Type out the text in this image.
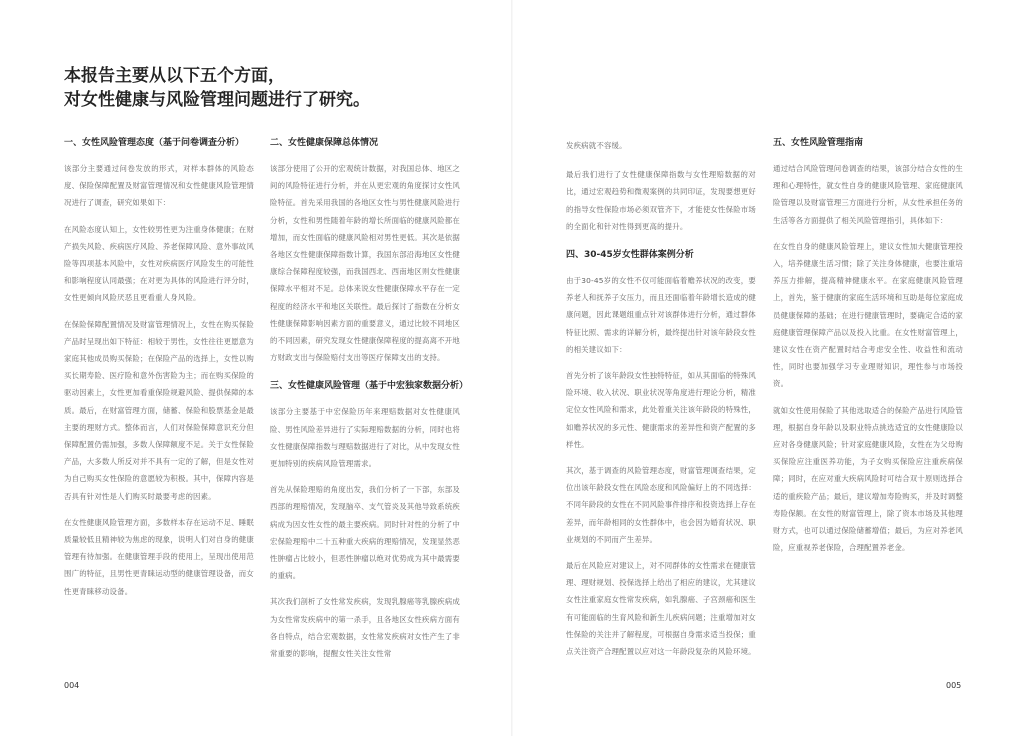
本报告主要从以下五个方面，
对女性健康与风险管理问题进行了研究。
一、女性风险管理态度（基于问卷调查分析）

该部分主要通过问卷发放的形式，对样本群体的风险态度、保险保障配置及财富管理情况和女性健康风险管理情况进行了调查，研究如果如下：

在风险态度认知上，女性较男性更为注重身体健康；在财产损失风险、疾病医疗风险、养老保障风险、意外事故风险等四项基本风险中，女性对疾病医疗风险发生的可能性和影响程度认同最强；在对更为具体的风险进行评分时，女性更倾向风险厌恶且更看重人身风险。

在保险保障配置情况及财富管理情况上，女性在购买保险产品时呈现出如下特征：相较于男性，女性往往更愿意为家庭其他成员购买保险；在保险产品的选择上，女性以购买长期寿险、医疗险和意外伤害险为主；而在购买保险的驱动因素上，女性更加看重保险规避风险、提供保障的本质。最后，在财富管理方面，储蓄、保险和股票基金是最主要的理财方式。整体而言，人们对保险保障意识充分但保障配置仍需加强，多数人保障额度不足。关于女性保险产品，大多数人所反对并不具有一定的了解，但是女性对为自己购买女性保险的意愿较为积极。其中，保障内容是否具有针对性是人们购买时最要考虑的因素。

在女性健康风险管理方面，多数样本存在运动不足、睡眠质量较低且精神较为焦虑的现象，说明人们对自身的健康管理有待加强。在健康管理手段的使用上，呈现出使用范围广的特征，且男性更青睐运动型的健康管理设备，而女性更青睐移动设备。

二、女性健康保障总体情况

该部分使用了公开的宏观统计数据，对我国总体、地区之间的风险特征进行分析，并在从更宏观的角度探讨女性风险特征。首先采用我国的各地区女性与男性健康风险进行分析，女性和男性随着年龄的增长所面临的健康风险都在增加，而女性面临的健康风险相对男性更低。其次是依据各地区女性健康保障指数计算，我国东部沿海地区女性健康综合保障程度较强，而我国西北、西南地区则女性健康保障水平相对不足。总体来说女性健康保障水平存在一定程度的经济水平和地区关联性。最后探讨了指数在分析女性健康保障影响因素方面的重要意义，通过比较不同地区的不同因素，研究发现女性健康保障程度的提高离不开地方财政支出与保险赔付支出等医疗保障支出的支持。

三、女性健康风险管理（基于中宏独家数据分析）

该部分主要基于中宏保险历年来理赔数据对女性健康风险、男性风险差异进行了实际理赔数据的分析，同时也将女性健康保障指数与理赔数据进行了对比，从中发现女性更加特别的疾病风险管理需求。

首先从保险理赔的角度出发，我们分析了一下部，东部及西部的理赔情况，发现脑卒、支气管炎及其他导致系统疾病成为因女性女性的最主要疾病。同时针对性的分析了中宏保险理赔中二十五种重大疾病的理赔情况，发现显然恶性肿瘤占比较小，但恶性肿瘤以绝对优势成为其中最需要的重病。

其次我们剖析了女性常发疾病，发现乳腺癌等乳腺疾病成为女性常发疾病中的第一杀手，且各地区女性疾病方面有各自特点，结合宏观数据，女性常发疾病对女性产生了非常重要的影响，提醒女性关注女性常

发疾病就不容缓。

最后我们进行了女性健康保障指数与女性理赔数据的对比，通过宏观趋势和微观案例的共同印证，发现要想更好的指导女性保险市场必须双管齐下，才能使女性保险市场的全面化和针对性得到更高的提升。

四、30-45岁女性群体案例分析

由于30-45岁的女性不仅可能面临着赡养状况的改变，要养老人和抚养子女压力，而且还面临着年龄增长造成的健康问题，因此课题组重点针对该群体进行分析，通过群体特征比照、需求的详解分析，最终提出针对该年龄段女性的相关建议如下：

首先分析了该年龄段女性独特特征，如从其面临的特殊风险环境、收入状况、职业状况等角度进行理论分析，精准定位女性风险和需求，此处着重关注该年龄段的特殊性，如赡养状况的多元性、健康需求的差异性和资产配置的多样性。

其次，基于调查的风险管理态度，财富管理调查结果，定位出该年龄段女性在风险态度和风险偏好上的不同选择：不同年龄段的女性在不同风险事件排序和投资选择上存在差异，而年龄相同的女性群体中，也会因为婚育状况、职业规划的不同而产生差异。

最后在风险应对建议上，对不同群体的女性需求在健康管理、理财规划、投保选择上给出了相应的建议，尤其建议女性注重家庭女性常发疾病，如乳腺癌、子宫颈癌和医生有可能面临的生育风险和新生儿疾病问题；注重增加对女性保险的关注并了解程度，可根据自身需求适当投保；重点关注资产合理配置以应对这一年龄段复杂的风险环境。

五、女性风险管理指南

通过结合风险管理问卷调查的结果，该部分结合女性的生理和心理特性，就女性自身的健康风险管理、家庭健康风险管理以及财富管理三方面进行分析，从女性承担任务的生活等各方面提供了相关风险管理指引，具体如下：

在女性自身的健康风险管理上，建议女性加大健康管理投入，培养健康生活习惯；除了关注身体健康，也要注重培养压力排解，提高精神健康水平。在家庭健康风险管理上，首先，鉴于健康的家庭生活环境和互助是每位家庭成员健康保障的基础；在进行健康管理时，要确定合适的家庭健康管理保障产品以及投入比重。在女性财富管理上，建议女性在资产配置时结合考虑安全性、收益性和流动性，同时也要加强学习专业理财知识，理性参与市场投资。

就如女性使用保险了其他选取适合的保险产品进行风险管理，根据自身年龄以及职业特点挑选适宜的女性健康险以应对各身健康风险；针对家庭健康风险，女性在为父母购买保险应注重医养功能，为子女购买保险应注重疾病保障；同时，在应对重大疾病风险时可结合双十原则选择合适的重疾险产品；最后，建议增加寿险购买，并及时调整寿险保额。在女性的财富管理上，除了资本市场及其他理财方式，也可以通过保险储蓄增值；最后，为应对养老风险，应重视养老保险，合理配置养老金。

004	005
